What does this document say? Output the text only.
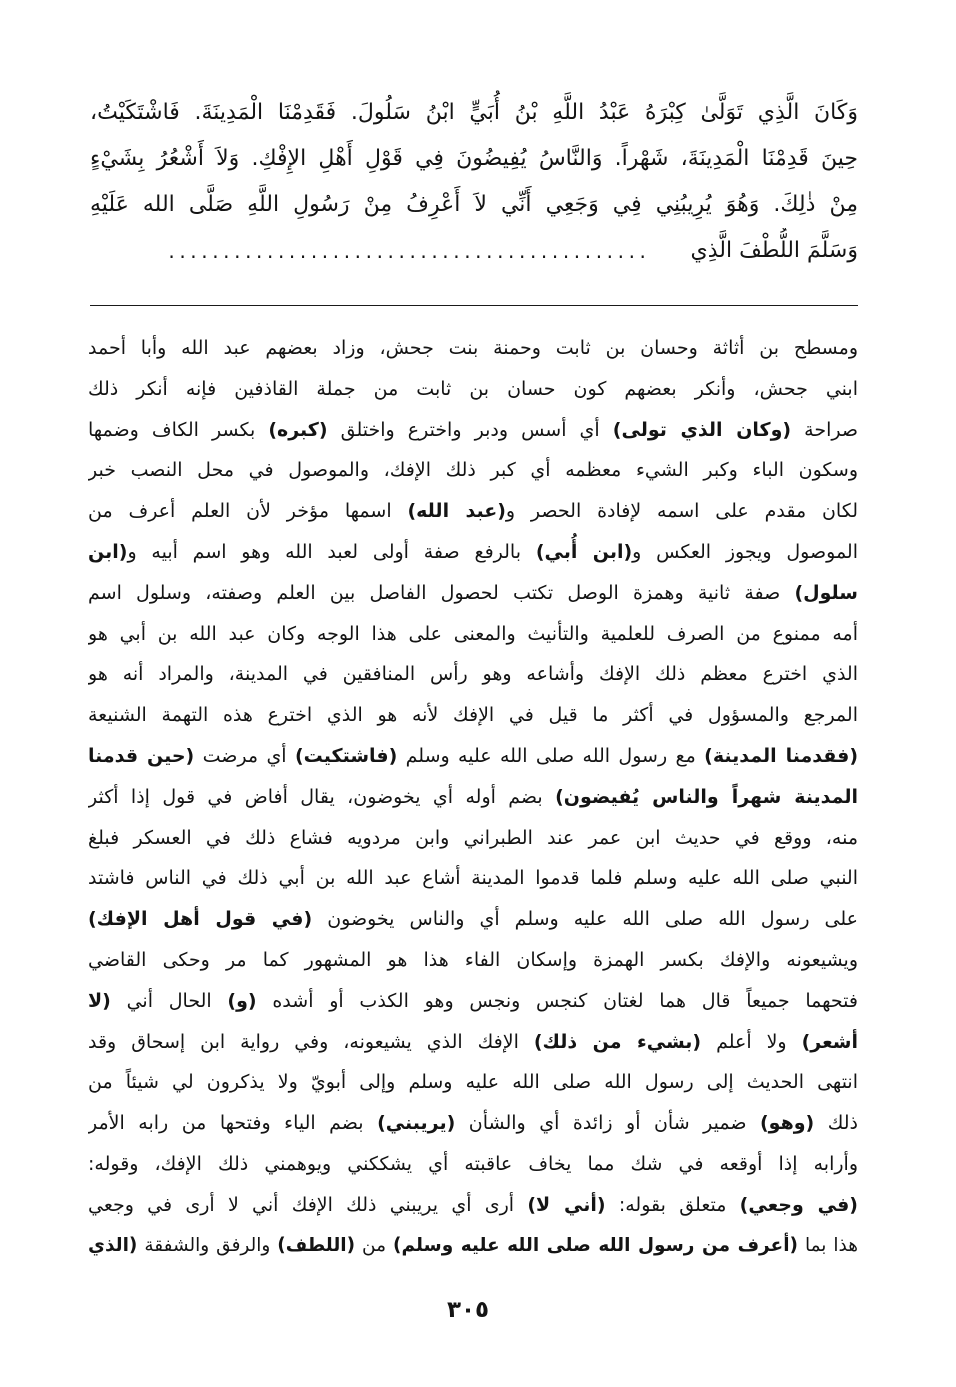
وَكَانَ الَّذِي تَوَلَّىٰ كِبْرَهُ عَبْدُ اللَّهِ بْنُ أُبَيٍّ ابْنُ سَلُولَ. فَقَدِمْنَا الْمَدِينَةَ. فَاشْتَكَيْتُ،
حِينَ قَدِمْنَا الْمَدِينَةَ، شَهْراً. وَالنَّاسُ يُفِيضُونَ فِي قَوْلِ أَهْلِ الإِفْكِ. وَلاَ أَشْعُرُ بِشَيْءٍ
مِنْ ذٰلِكَ. وَهُوَ يُرِيبُنِي فِي وَجَعِي أَنِّي لاَ أَعْرِفُ مِنْ رَسُولِ اللَّهِ صَلَّى الله عَلَيْهِ
وَسَلَّمَ اللُّطْفَ الَّذِي
............................................
ومسطح بن أثاثة وحسان بن ثابت وحمنة بنت جحش، وزاد بعضهم عبد الله وأبا أحمد
ابني جحش، وأنكر بعضهم كون حسان بن ثابت من جملة القاذفين فإنه أنكر ذلك
صراحة (وكان الذي تولى) أي أسس ودبر واخترع واختلق (كبره) بكسر الكاف وضمها
وسكون الباء وكبر الشيء معظمه أي كبر ذلك الإفك، والموصول في محل النصب خبر
لكان مقدم على اسمه لإفادة الحصر و(عبد الله) اسمها مؤخر لأن العلم أعرف من
الموصول ويجوز العكس و(ابن أُبي) بالرفع صفة أولى لعبد الله وهو اسم أبيه و(ابن
سلول) صفة ثانية وهمزة الوصل تكتب لحصول الفاصل بين العلم وصفته، وسلول اسم
أمه ممنوع من الصرف للعلمية والتأنيث والمعنى على هذا الوجه وكان عبد الله بن أبي هو
الذي اخترع معظم ذلك الإفك وأشاعه وهو رأس المنافقين في المدينة، والمراد أنه هو
المرجع والمسؤول في أكثر ما قيل في الإفك لأنه هو الذي اخترع هذه التهمة الشنيعة
(فقدمنا المدينة) مع رسول الله صلى الله عليه وسلم (فاشتكيت) أي مرضت (حين قدمنا
المدينة شهراً والناس يُفيضون) بضم أوله أي يخوضون، يقال أفاض في قول إذا أكثر
منه، ووقع في حديث ابن عمر عند الطبراني وابن مردويه فشاع ذلك في العسكر فبلغ
النبي صلى الله عليه وسلم فلما قدموا المدينة أشاع عبد الله بن أبي ذلك في الناس فاشتد
على رسول الله صلى الله عليه وسلم أي والناس يخوضون (في قول أهل الإفك)
ويشيعونه والإفك بكسر الهمزة وإسكان الفاء هذا هو المشهور كما مر وحكى القاضي
فتحهما جميعاً قال هما لغتان كنجس ونجس وهو الكذب أو أشده (و) الحال أني (لا
أشعر) ولا أعلم (بشيء من ذلك) الإفك الذي يشيعونه، وفي رواية ابن إسحاق وقد
انتهى الحديث إلى رسول الله صلى الله عليه وسلم وإلى أبويّ ولا يذكرون لي شيئاً من
ذلك (وهو) ضمير شأن أو زائدة أي والشأن (يريبني) بضم الياء وفتحها من رابه الأمر
وأرابه إذا أوقعه في شك مما يخاف عاقبته أي يشككني ويوهمني ذلك الإفك، وقوله:
(في وجعي) متعلق بقوله: (أني لا) أرى أي يريبني ذلك الإفك أني لا أرى في وجعي
هذا بما (أعرف من رسول الله صلى الله عليه وسلم) من (اللطف) والرفق والشفقة (الذي
٣٠٥
